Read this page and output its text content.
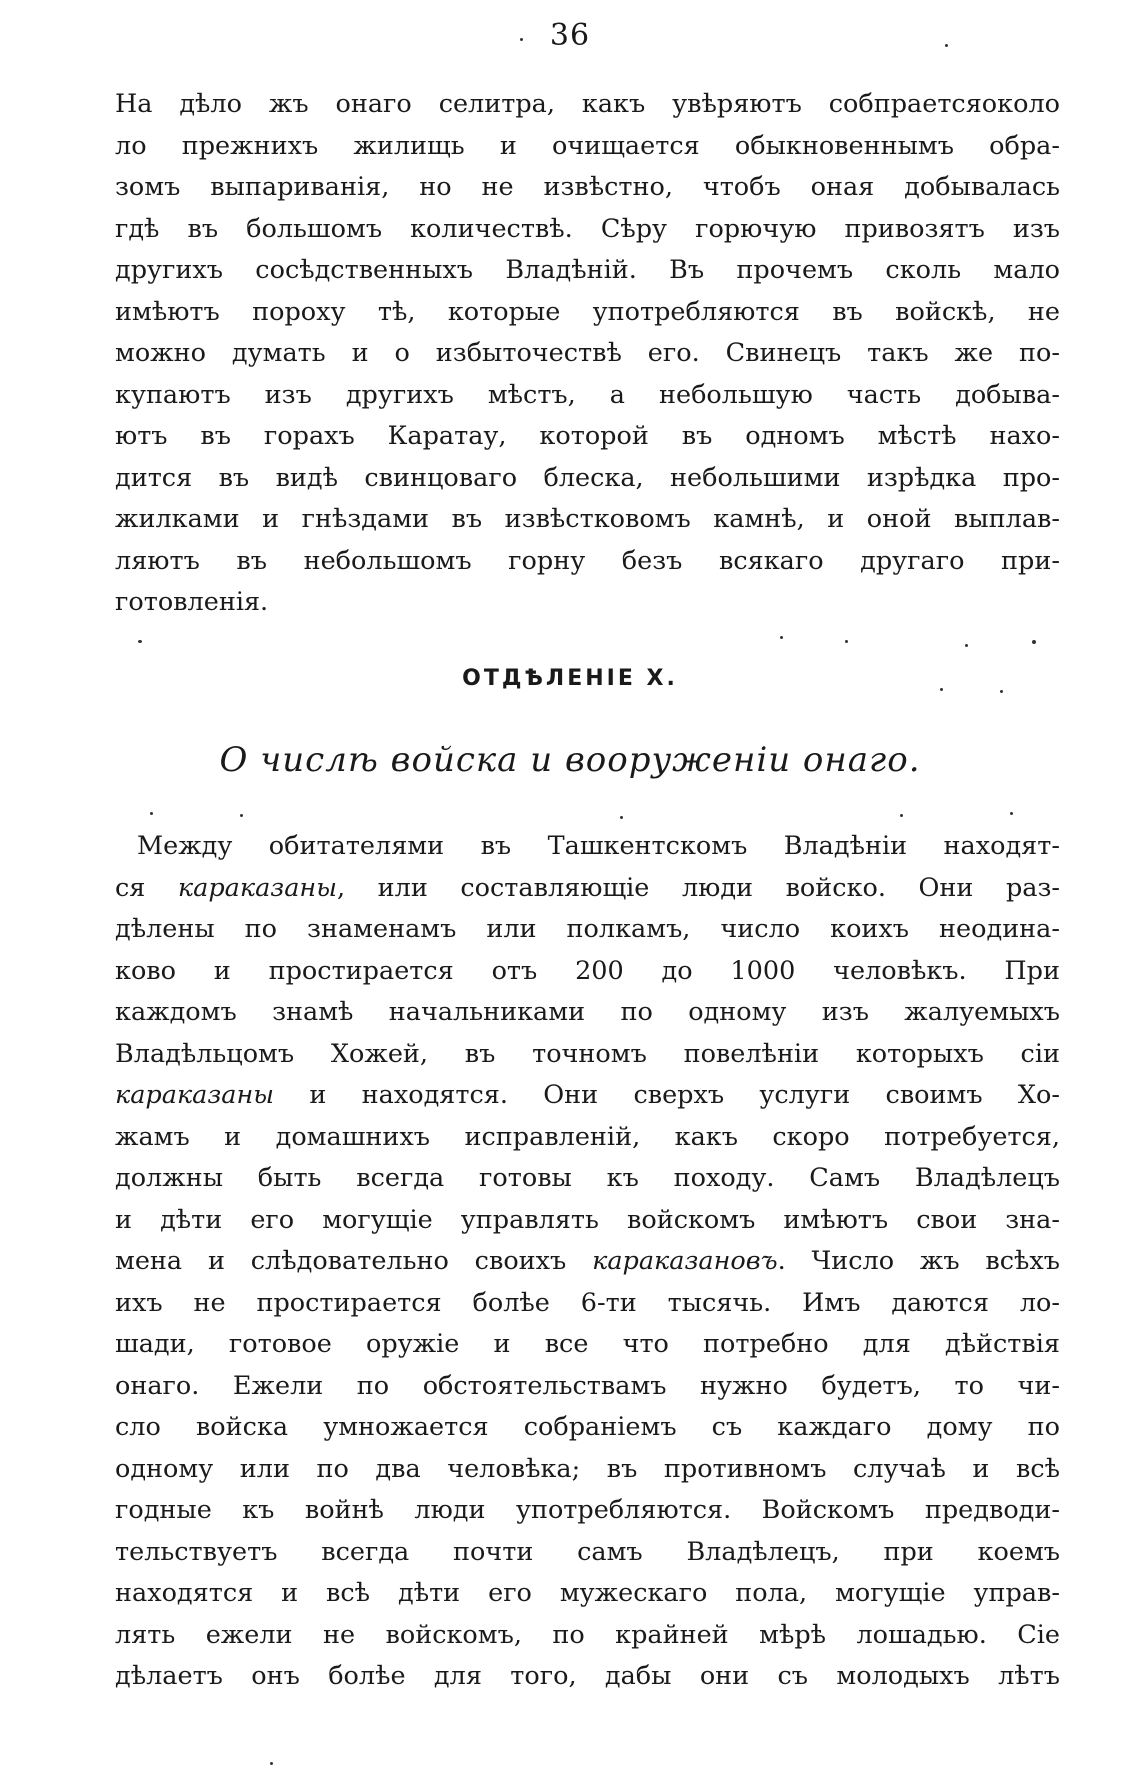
36
На дѣло жъ онаго селитра, какъ увѣряютъ собпраетсяоколо
ло прежнихъ жилищь и очищается обыкновеннымъ обра-
зомъ выпариванія, но не извѣстно, чтобъ оная добывалась
гдѣ въ большомъ количествѣ. Сѣру горючую привозятъ изъ
другихъ сосѣдственныхъ Владѣній. Въ прочемъ сколь мало
имѣютъ пороху тѣ, которые употребляются въ войскѣ, не
можно думать и о избыточествѣ его. Свинецъ такъ же по-
купаютъ изъ другихъ мѣстъ, а небольшую часть добыва-
ютъ въ горахъ Каратау, которой въ одномъ мѣстѣ нахо-
дится въ видѣ свинцоваго блеска, небольшими изрѣдка про-
жилками и гнѣздами въ извѣстковомъ камнѣ, и оной выплав-
ляютъ въ небольшомъ горну безъ всякаго другаго при-
готовленія.
ОТДѢЛЕНІЕ X.
О числѣ войска и вооруженіи онаго.
Между обитателями въ Ташкентскомъ Владѣніи находят-
ся караказаны, или составляющіе люди войско. Они раз-
дѣлены по знаменамъ или полкамъ, число коихъ неодина-
ково и простирается отъ 200 до 1000 человѣкъ. При
каждомъ знамѣ начальниками по одному изъ жалуемыхъ
Владѣльцомъ Хожей, въ точномъ повелѣніи которыхъ сіи
караказаны и находятся. Они сверхъ услуги своимъ Хо-
жамъ и домашнихъ исправленій, какъ скоро потребуется,
должны быть всегда готовы къ походу. Самъ Владѣлецъ
и дѣти его могущіе управлять войскомъ имѣютъ свои зна-
мена и слѣдовательно своихъ караказановъ. Число жъ всѣхъ
ихъ не простирается болѣе 6-ти тысячь. Имъ даются ло-
шади, готовое оружіе и все что потребно для дѣйствія
онаго. Ежели по обстоятельствамъ нужно будетъ, то чи-
сло войска умножается собраніемъ съ каждаго дому по
одному или по два человѣка; въ противномъ случаѣ и всѣ
годные къ войнѣ люди употребляются. Войскомъ предводи-
тельствуетъ всегда почти самъ Владѣлецъ, при коемъ
находятся и всѣ дѣти его мужескаго пола, могущіе управ-
лять ежели не войскомъ, по крайней мѣрѣ лошадью. Сіе
дѣлаетъ онъ болѣе для того, дабы они съ молодыхъ лѣтъ
